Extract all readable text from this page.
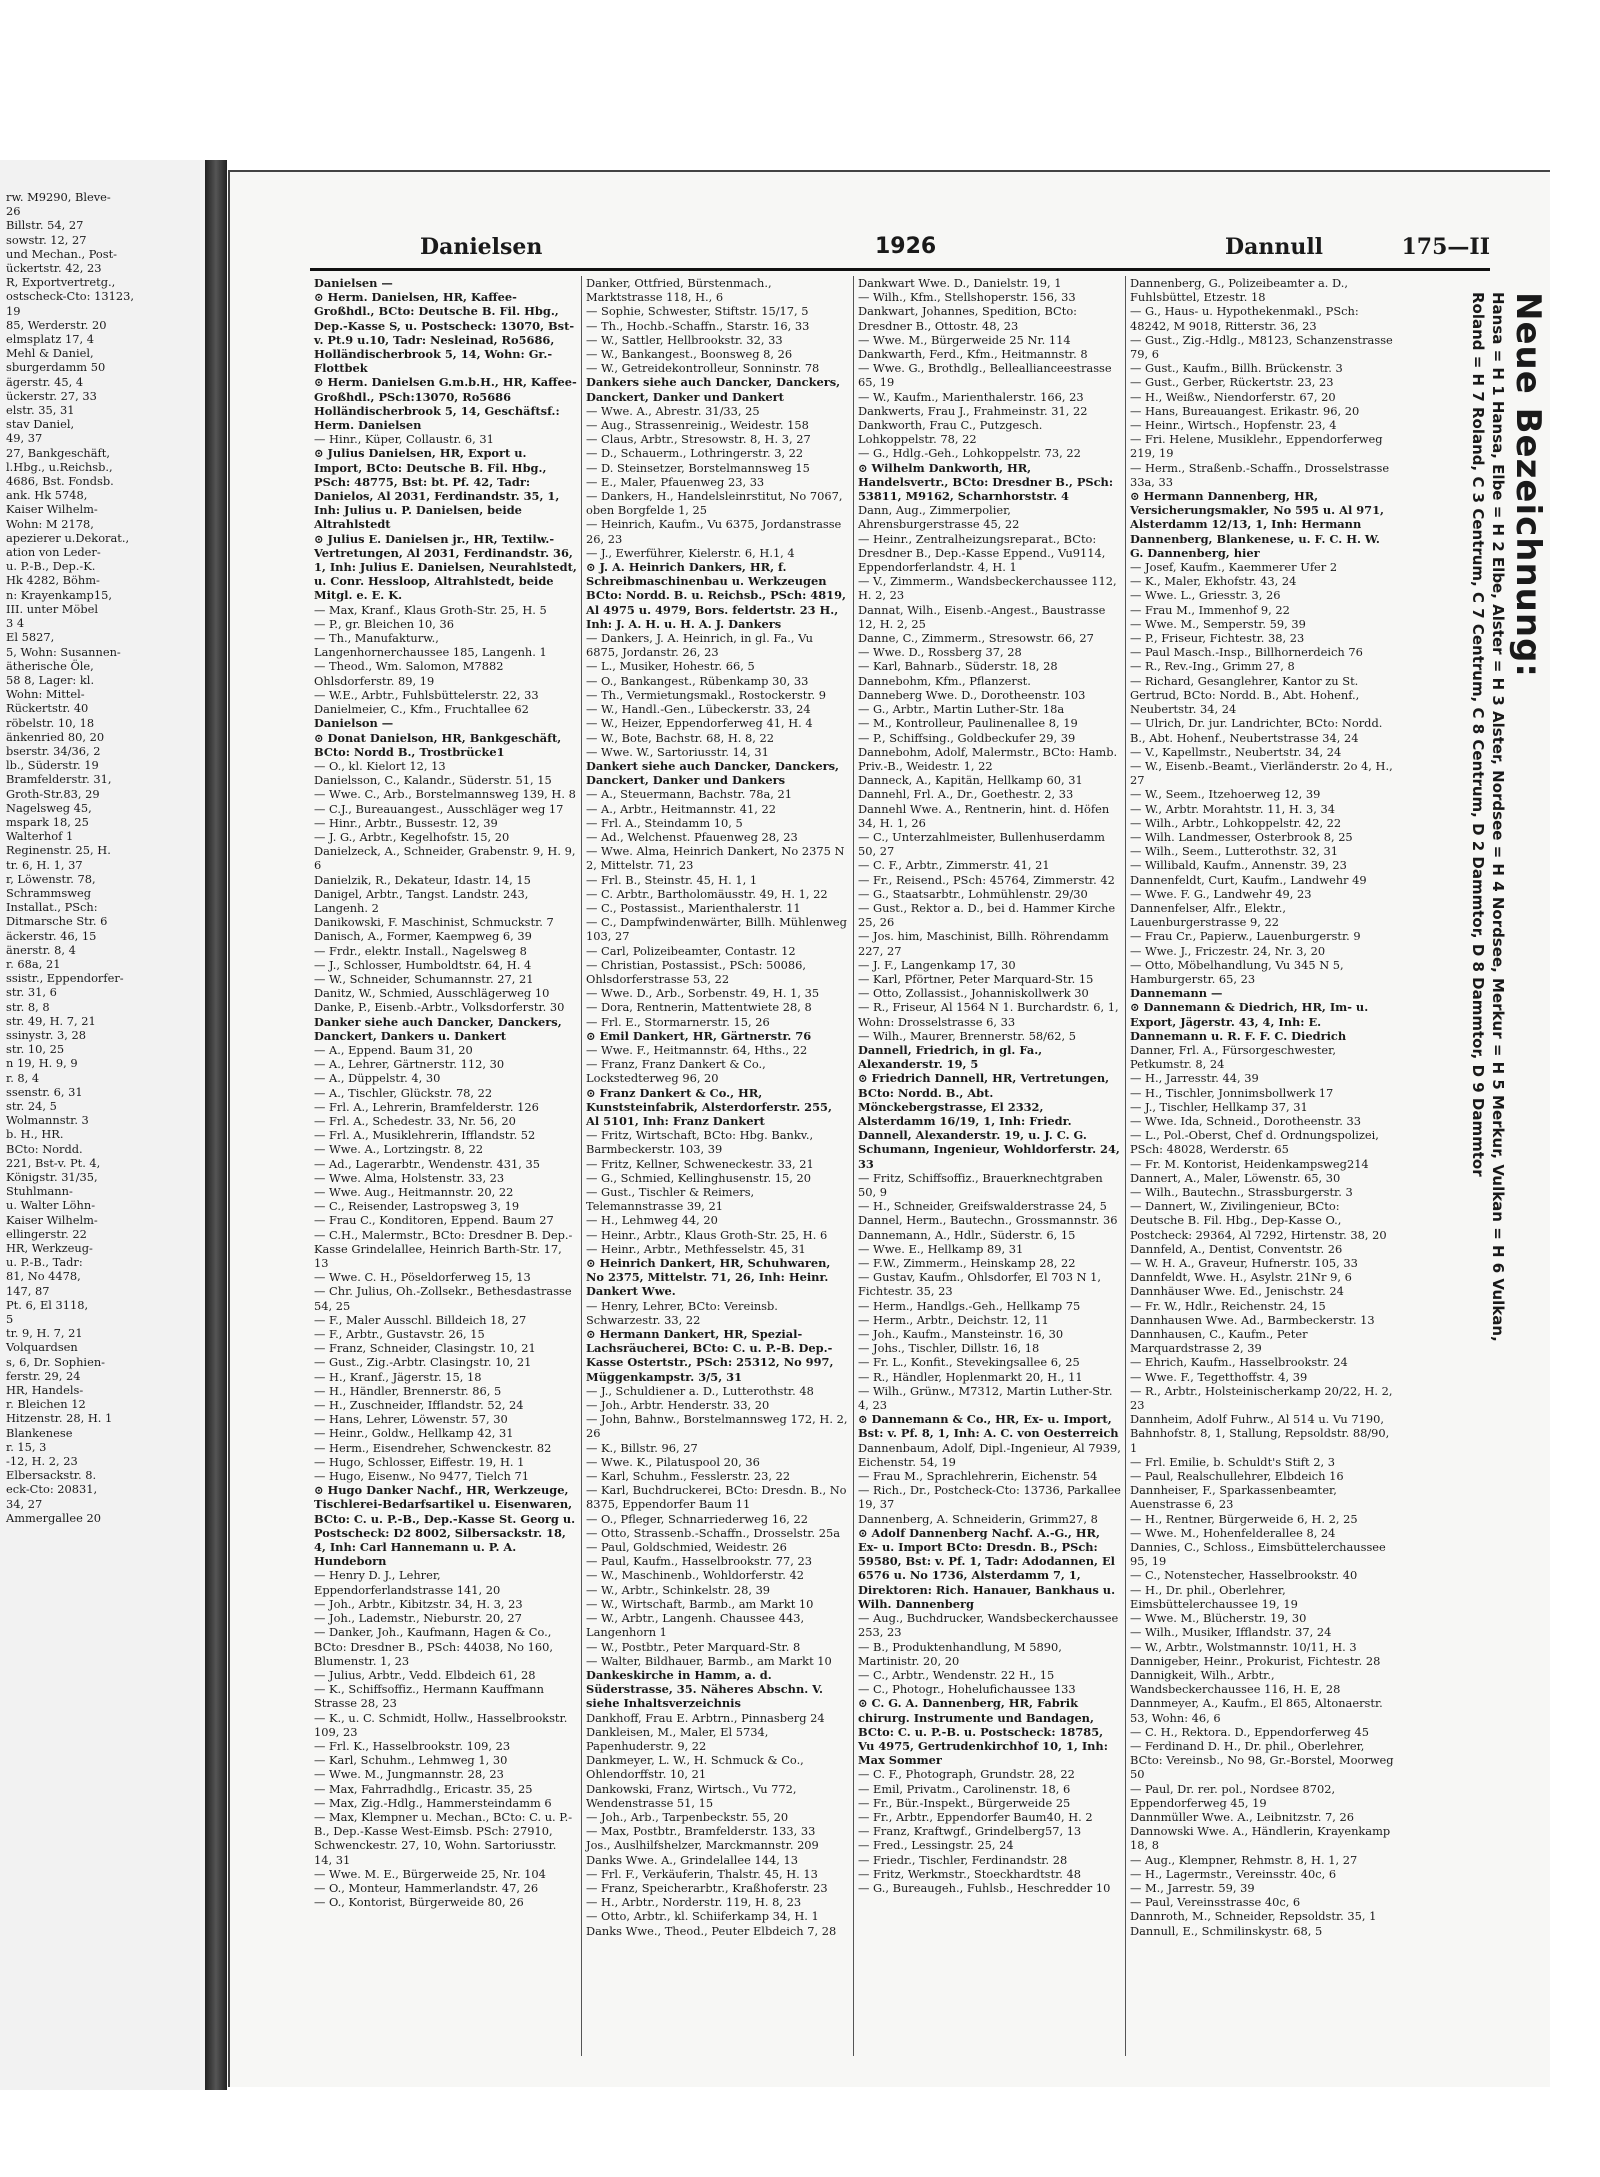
rw. M9290, Bleve-
26
Billstr. 54, 27
sowstr. 12, 27
und Mechan., Post-
ückertstr. 42, 23
R, Exportvertretg.,
ostscheck-Cto: 13123,
19
85, Werderstr. 20
elmsplatz 17, 4
Mehl & Daniel,
sburgerdamm 50
ägerstr. 45, 4
ückerstr. 27, 33
elstr. 35, 31
stav Daniel,
49, 37
27, Bankgeschäft,
l.Hbg., u.Reichsb.,
4686, Bst. Fondsb.
ank. Hk 5748,
Kaiser Wilhelm-
Wohn: M 2178,
apezierer u.Dekorat.,
ation von Leder-
u. P.-B., Dep.-K.
Hk 4282, Böhm-
n: Krayenkamp15,
III. unter Möbel
3 4
El 5827,
5, Wohn: Susannen-
ätherische Öle,
58 8, Lager: kl.
Wohn: Mittel-
Rückertstr. 40
röbelstr. 10, 18
änkenried 80, 20
bserstr. 34/36, 2
lb., Süderstr. 19
Bramfelderstr. 31,
Groth-Str.83, 29
Nagelsweg 45,
mspark 18, 25
Walterhof 1
Reginenstr. 25, H.
tr. 6, H. 1, 37
r, Löwenstr. 78,
Schrammsweg
Installat., PSch:
Ditmarsche Str. 6
äckerstr. 46, 15
änerstr. 8, 4
r. 68a, 21
ssistr., Eppendorfer-
str. 31, 6
str. 8, 8
str. 49, H. 7, 21
ssinystr. 3, 28
str. 10, 25
n 19, H. 9, 9
r. 8, 4
ssenstr. 6, 31
str. 24, 5
Wolmannstr. 3
b. H., HR.
BCto: Nordd.
221, Bst-v. Pt. 4,
Königstr. 31/35,
Stuhlmann-
u. Walter Löhn-
Kaiser Wilhelm-
ellingerstr. 22
HR, Werkzeug-
u. P.-B., Tadr:
81, No 4478,
147, 87
Pt. 6, El 3118,
5
tr. 9, H. 7, 21
Volquardsen
s, 6, Dr. Sophien-
ferstr. 29, 24
HR, Handels-
r. Bleichen 12
Hitzenstr. 28, H. 1
Blankenese
r. 15, 3
-12, H. 2, 23
Elbersackstr. 8.
eck-Cto: 20831,
34, 27
Ammergallee 20
Danielsen	1926	Dannull	175—II
Danielsen —
⊙ Herm. Danielsen, HR, Kaffee-Großhdl., BCto: Deutsche B. Fil. Hbg., Dep.-Kasse S, u. Postscheck: 13070, Bst-v. Pt.9 u.10, Tadr: Nesleinad, Ro5686, Holländischerbrook 5, 14, Wohn: Gr.-Flottbek
⊙ Herm. Danielsen G.m.b.H., HR, Kaffee-Großhdl., PSch:13070, Ro5686 Holländischerbrook 5, 14, Geschäftsf.: Herm. Danielsen
— Hinr., Küper, Collaustr. 6, 31
⊙ Julius Danielsen, HR, Export u. Import, BCto: Deutsche B. Fil. Hbg., PSch: 48775, Bst: bt. Pf. 42, Tadr: Danielos, Al 2031, Ferdinandstr. 35, 1, Inh: Julius u. P. Danielsen, beide Altrahlstedt
⊙ Julius E. Danielsen jr., HR, Textilw.-Vertretungen, Al 2031, Ferdinandstr. 36, 1, Inh: Julius E. Danielsen, Neurahlstedt, u. Conr. Hessloop, Altrahlstedt, beide Mitgl. e. E. K.
— Max, Kranf., Klaus Groth-Str. 25, H. 5
— P., gr. Bleichen 10, 36
— Th., Manufakturw., Langenhornerchaussee 185, Langenh. 1
— Theod., Wm. Salomon, M7882 Ohlsdorferstr. 89, 19
— W.E., Arbtr., Fuhlsbüttelerstr. 22, 33
Danielmeier, C., Kfm., Fruchtallee 62
Danielson —
⊙ Donat Danielson, HR, Bankgeschäft, BCto: Nordd B., Trostbrücke1
— O., kl. Kielort 12, 13
Danielsson, C., Kalandr., Süderstr. 51, 15
— Wwe. C., Arb., Borstelmannsweg 139, H. 8
— C.J., Bureauangest., Ausschläger weg 17
— Hinr., Arbtr., Bussestr. 12, 39
— J. G., Arbtr., Kegelhofstr. 15, 20
Danielzeck, A., Schneider, Grabenstr. 9, H. 9, 6
Danielzik, R., Dekateur, Idastr. 14, 15
Danigel, Arbtr., Tangst. Landstr. 243, Langenh. 2
Danikowski, F. Maschinist, Schmuckstr. 7
Danisch, A., Former, Kaempweg 6, 39
— Frdr., elektr. Install., Nagelsweg 8
— J., Schlosser, Humboldtstr. 64, H. 4
— W., Schneider, Schumannstr. 27, 21
Danitz, W., Schmied, Ausschlägerweg 10
Danke, P., Eisenb.-Arbtr., Volksdorferstr. 30
Danker siehe auch Dancker, Danckers, Danckert, Dankers u. Dankert
— A., Eppend. Baum 31, 20
— A., Lehrer, Gärtnerstr. 112, 30
— A., Düppelstr. 4, 30
— A., Tischler, Glückstr. 78, 22
— Frl. A., Lehrerin, Bramfelderstr. 126
— Frl. A., Schedestr. 33, Nr. 56, 20
— Frl. A., Musiklehrerin, Ifflandstr. 52
— Wwe. A., Lortzingstr. 8, 22
— Ad., Lagerarbtr., Wendenstr. 431, 35
— Wwe. Alma, Holstenstr. 33, 23
— Wwe. Aug., Heitmannstr. 20, 22
— C., Reisender, Lastropsweg 3, 19
— Frau C., Konditoren, Eppend. Baum 27
— C.H., Malermstr., BCto: Dresdner B. Dep.-Kasse Grindelallee, Heinrich Barth-Str. 17, 13
— Wwe. C. H., Pöseldorferweg 15, 13
— Chr. Julius, Oh.-Zollsekr., Bethesdastrasse 54, 25
— F., Maler Ausschl. Billdeich 18, 27
— F., Arbtr., Gustavstr. 26, 15
— Franz, Schneider, Clasingstr. 10, 21
— Gust., Zig.-Arbtr. Clasingstr. 10, 21
— H., Kranf., Jägerstr. 15, 18
— H., Händler, Brennerstr. 86, 5
— H., Zuschneider, Ifflandstr. 52, 24
— Hans, Lehrer, Löwenstr. 57, 30
— Heinr., Goldw., Hellkamp 42, 31
— Herm., Eisendreher, Schwenckestr. 82
— Hugo, Schlosser, Eiffestr. 19, H. 1
— Hugo, Eisenw., No 9477, Tielch 71
⊙ Hugo Danker Nachf., HR, Werkzeuge, Tischlerei-Bedarfsartikel u. Eisenwaren, BCto: C. u. P.-B., Dep.-Kasse St. Georg u. Postscheck: D2 8002, Silbersackstr. 18, 4, Inh: Carl Hannemann u. P. A. Hundeborn
— Henry D. J., Lehrer, Eppendorferlandstrasse 141, 20
— Joh., Arbtr., Kibitzstr. 34, H. 3, 23
— Joh., Lademstr., Nieburstr. 20, 27
— Danker, Joh., Kaufmann, Hagen & Co., BCto: Dresdner B., PSch: 44038, No 160, Blumenstr. 1, 23
— Julius, Arbtr., Vedd. Elbdeich 61, 28
— K., Schiffsoffiz., Hermann Kauffmann Strasse 28, 23
— K., u. C. Schmidt, Hollw., Hasselbrookstr. 109, 23
— Frl. K., Hasselbrookstr. 109, 23
— Karl, Schuhm., Lehmweg 1, 30
— Wwe. M., Jungmannstr. 28, 23
— Max, Fahrradhdlg., Ericastr. 35, 25
— Max, Zig.-Hdlg., Hammersteindamm 6
— Max, Klempner u. Mechan., BCto: C. u. P.-B., Dep.-Kasse West-Eimsb. PSch: 27910, Schwenckestr. 27, 10, Wohn. Sartoriusstr. 14, 31
— Wwe. M. E., Bürgerweide 25, Nr. 104
— O., Monteur, Hammerlandstr. 47, 26
— O., Kontorist, Bürgerweide 80, 26
Danker, Ottfried, Bürstenmach., Marktstrasse 118, H., 6
— Sophie, Schwester, Stiftstr. 15/17, 5
— Th., Hochb.-Schaffn., Starstr. 16, 33
— W., Sattler, Hellbrookstr. 32, 33
— W., Bankangest., Boonsweg 8, 26
— W., Getreidekontrolleur, Sonninstr. 78
Dankers siehe auch Dancker, Danckers, Danckert, Danker und Dankert
— Wwe. A., Abrestr. 31/33, 25
— Aug., Strassenreinig., Weidestr. 158
— Claus, Arbtr., Stresowstr. 8, H. 3, 27
— D., Schauerm., Lothringerstr. 3, 22
— D. Steinsetzer, Borstelmannsweg 15
— E., Maler, Pfauenweg 23, 33
— Dankers, H., Handelsleinrstitut, No 7067, oben Borgfelde 1, 25
— Heinrich, Kaufm., Vu 6375, Jordanstrasse 26, 23
— J., Ewerführer, Kielerstr. 6, H.1, 4
⊙ J. A. Heinrich Dankers, HR, f. Schreibmaschinenbau u. Werkzeugen BCto: Nordd. B. u. Reichsb., PSch: 4819, Al 4975 u. 4979, Bors. feldertstr. 23 H., Inh: J. A. H. u. H. A. J. Dankers
— Dankers, J. A. Heinrich, in gl. Fa., Vu 6875, Jordanstr. 26, 23
— L., Musiker, Hohestr. 66, 5
— O., Bankangest., Rübenkamp 30, 33
— Th., Vermietungsmakl., Rostockerstr. 9
— W., Handl.-Gen., Lübeckerstr. 33, 24
— W., Heizer, Eppendorferweg 41, H. 4
— W., Bote, Bachstr. 68, H. 8, 22
— Wwe. W., Sartoriusstr. 14, 31
Dankert siehe auch Dancker, Danckers, Danckert, Danker und Dankers
— A., Steuermann, Bachstr. 78a, 21
— A., Arbtr., Heitmannstr. 41, 22
— Frl. A., Steindamm 10, 5
— Ad., Welchenst. Pfauenweg 28, 23
— Wwe. Alma, Heinrich Dankert, No 2375 N 2, Mittelstr. 71, 23
— Frl. B., Steinstr. 45, H. 1, 1
— C. Arbtr., Bartholomäusstr. 49, H. 1, 22
— C., Postassist., Marienthalerstr. 11
— C., Dampfwindenwärter, Billh. Mühlenweg 103, 27
— Carl, Polizeibeamter, Contastr. 12
— Christian, Postassist., PSch: 50086, Ohlsdorferstrasse 53, 22
— Wwe. D., Arb., Sorbenstr. 49, H. 1, 35
— Dora, Rentnerin, Mattentwiete 28, 8
— Frl. E., Stormarnerstr. 15, 26
⊙ Emil Dankert, HR, Gärtnerstr. 76
— Wwe. F., Heitmannstr. 64, Hths., 22
— Franz, Franz Dankert & Co., Lockstedterweg 96, 20
⊙ Franz Dankert & Co., HR, Kunststeinfabrik, Alsterdorferstr. 255, Al 5101, Inh: Franz Dankert
— Fritz, Wirtschaft, BCto: Hbg. Bankv., Barmbeckerstr. 103, 39
— Fritz, Kellner, Schweneckestr. 33, 21
— G., Schmied, Kellinghusenstr. 15, 20
— Gust., Tischler & Reimers, Telemannstrasse 39, 21
— H., Lehmweg 44, 20
— Heinr., Arbtr., Klaus Groth-Str. 25, H. 6
— Heinr., Arbtr., Methfesselstr. 45, 31
⊙ Heinrich Dankert, HR, Schuhwaren, No 2375, Mittelstr. 71, 26, Inh: Heinr. Dankert Wwe.
— Henry, Lehrer, BCto: Vereinsb. Schwarzestr. 33, 22
⊙ Hermann Dankert, HR, Spezial-Lachsräucherei, BCto: C. u. P.-B. Dep.-Kasse Ostertstr., PSch: 25312, No 997, Müggenkampstr. 3/5, 31
— J., Schuldiener a. D., Lutterothstr. 48
— Joh., Arbtr. Henderstr. 33, 20
— John, Bahnw., Borstelmannsweg 172, H. 2, 26
— K., Billstr. 96, 27
— Wwe. K., Pilatuspool 20, 36
— Karl, Schuhm., Fesslerstr. 23, 22
— Karl, Buchdruckerei, BCto: Dresdn. B., No 8375, Eppendorfer Baum 11
— O., Pfleger, Schnarriederweg 16, 22
— Otto, Strassenb.-Schaffn., Drosselstr. 25a
— Paul, Goldschmied, Weidestr. 26
— Paul, Kaufm., Hasselbrookstr. 77, 23
— W., Maschinenb., Wohldorferstr. 42
— W., Arbtr., Schinkelstr. 28, 39
— W., Wirtschaft, Barmb., am Markt 10
— W., Arbtr., Langenh. Chaussee 443, Langenhorn 1
— W., Postbtr., Peter Marquard-Str. 8
— Walter, Bildhauer, Barmb., am Markt 10
Dankeskirche in Hamm, a. d. Süderstrasse, 35. Näheres Abschn. V. siehe Inhaltsverzeichnis
Dankhoff, Frau E. Arbtrn., Pinnasberg 24
Dankleisen, M., Maler, El 5734, Papenhuderstr. 9, 22
Dankmeyer, L. W., H. Schmuck & Co., Ohlendorffstr. 10, 21
Dankowski, Franz, Wirtsch., Vu 772, Wendenstrasse 51, 15
— Joh., Arb., Tarpenbeckstr. 55, 20
— Max, Postbtr., Bramfelderstr. 133, 33
Jos., Auslhilfshelzer, Marckmannstr. 209
Danks Wwe. A., Grindelallee 144, 13
— Frl. F., Verkäuferin, Thalstr. 45, H. 13
— Franz, Speicherarbtr., Kraßhoferstr. 23
— H., Arbtr., Norderstr. 119, H. 8, 23
— Otto, Arbtr., kl. Schiiferkamp 34, H. 1
Danks Wwe., Theod., Peuter Elbdeich 7, 28
Dankwart Wwe. D., Danielstr. 19, 1
— Wilh., Kfm., Stellshoperstr. 156, 33
Dankwart, Johannes, Spedition, BCto: Dresdner B., Ottostr. 48, 23
— Wwe. M., Bürgerweide 25 Nr. 114
Dankwarth, Ferd., Kfm., Heitmannstr. 8
— Wwe. G., Brothdlg., Belleallianceestrasse 65, 19
— W., Kaufm., Marienthalerstr. 166, 23
Dankwerts, Frau J., Frahmeinstr. 31, 22
Dankworth, Frau C., Putzgesch. Lohkoppelstr. 78, 22
— G., Hdlg.-Geh., Lohkoppelstr. 73, 22
⊙ Wilhelm Dankworth, HR, Handelsvertr., BCto: Dresdner B., PSch: 53811, M9162, Scharnhorststr. 4
Dann, Aug., Zimmerpolier, Ahrensburgerstrasse 45, 22
— Heinr., Zentralheizungsreparat., BCto: Dresdner B., Dep.-Kasse Eppend., Vu9114, Eppendorferlandstr. 4, H. 1
— V., Zimmerm., Wandsbeckerchaussee 112, H. 2, 23
Dannat, Wilh., Eisenb.-Angest., Baustrasse 12, H. 2, 25
Danne, C., Zimmerm., Stresowstr. 66, 27
— Wwe. D., Rossberg 37, 28
— Karl, Bahnarb., Süderstr. 18, 28
Dannebohm, Kfm., Pflanzerst.
Danneberg Wwe. D., Dorotheenstr. 103
— G., Arbtr., Martin Luther-Str. 18a
— M., Kontrolleur, Paulinenallee 8, 19
— P., Schiffsing., Goldbeckufer 29, 39
Dannebohm, Adolf, Malermstr., BCto: Hamb. Priv.-B., Weidestr. 1, 22
Danneck, A., Kapitän, Hellkamp 60, 31
Dannehl, Frl. A., Dr., Goethestr. 2, 33
Dannehl Wwe. A., Rentnerin, hint. d. Höfen 34, H. 1, 26
— C., Unterzahlmeister, Bullenhuserdamm 50, 27
— C. F., Arbtr., Zimmerstr. 41, 21
— Fr., Reisend., PSch: 45764, Zimmerstr. 42
— G., Staatsarbtr., Lohmühlenstr. 29/30
— Gust., Rektor a. D., bei d. Hammer Kirche 25, 26
— Jos. him, Maschinist, Billh. Röhrendamm 227, 27
— J. F., Langenkamp 17, 30
— Karl, Pförtner, Peter Marquard-Str. 15
— Otto, Zollassist., Johanniskollwerk 30
— R., Friseur, Al 1564 N 1. Burchardstr. 6, 1, Wohn: Drosselstrasse 6, 33
— Wilh., Maurer, Brennerstr. 58/62, 5
Dannell, Friedrich, in gl. Fa., Alexanderstr. 19, 5
⊙ Friedrich Dannell, HR, Vertretungen, BCto: Nordd. B., Abt. Mönckebergstrasse, El 2332, Alsterdamm 16/19, 1, Inh: Friedr. Dannell, Alexanderstr. 19, u. J. C. G. Schumann, Ingenieur, Wohldorferstr. 24, 33
— Fritz, Schiffsoffiz., Brauerknechtgraben 50, 9
— H., Schneider, Greifswalderstrasse 24, 5
Dannel, Herm., Bautechn., Grossmannstr. 36
Dannemann, A., Hdlr., Süderstr. 6, 15
— Wwe. E., Hellkamp 89, 31
— F.W., Zimmerm., Heinskamp 28, 22
— Gustav, Kaufm., Ohlsdorfer, El 703 N 1, Fichtestr. 35, 23
— Herm., Handlgs.-Geh., Hellkamp 75
— Herm., Arbtr., Deichstr. 12, 11
— Joh., Kaufm., Mansteinstr. 16, 30
— Johs., Tischler, Dillstr. 16, 18
— Fr. L., Konfit., Stevekingsallee 6, 25
— R., Händler, Hoplenmarkt 20, H., 11
— Wilh., Grünw., M7312, Martin Luther-Str. 4, 23
⊙ Dannemann & Co., HR, Ex- u. Import, Bst: v. Pf. 8, 1, Inh: A. C. von Oesterreich
Dannenbaum, Adolf, Dipl.-Ingenieur, Al 7939, Eichenstr. 54, 19
— Frau M., Sprachlehrerin, Eichenstr. 54
— Rich., Dr., Postcheck-Cto: 13736, Parkallee 19, 37
Dannenberg, A. Schneiderin, Grimm27, 8
⊙ Adolf Dannenberg Nachf. A.-G., HR, Ex- u. Import BCto: Dresdn. B., PSch: 59580, Bst: v. Pf. 1, Tadr: Adodannen, El 6576 u. No 1736, Alsterdamm 7, 1, Direktoren: Rich. Hanauer, Bankhaus u. Wilh. Dannenberg
— Aug., Buchdrucker, Wandsbeckerchaussee 253, 23
— B., Produktenhandlung, M 5890, Martinistr. 20, 20
— C., Arbtr., Wendenstr. 22 H., 15
— C., Photogr., Hohelufichaussee 133
⊙ C. G. A. Dannenberg, HR, Fabrik chirurg. Instrumente und Bandagen, BCto: C. u. P.-B. u. Postscheck: 18785, Vu 4975, Gertrudenkirchhof 10, 1, Inh: Max Sommer
— C. F., Photograph, Grundstr. 28, 22
— Emil, Privatm., Carolinenstr. 18, 6
— Fr., Bür.-Inspekt., Bürgerweide 25
— Fr., Arbtr., Eppendorfer Baum40, H. 2
— Franz, Kraftwgf., Grindelberg57, 13
— Fred., Lessingstr. 25, 24
— Friedr., Tischler, Ferdinandstr. 28
— Fritz, Werkmstr., Stoeckhardtstr. 48
— G., Bureaugeh., Fuhlsb., Heschredder 10
Dannenberg, G., Polizeibeamter a. D., Fuhlsbüttel, Etzestr. 18
— G., Haus- u. Hypothekenmakl., PSch: 48242, M 9018, Ritterstr. 36, 23
— Gust., Zig.-Hdlg., M8123, Schanzenstrasse 79, 6
— Gust., Kaufm., Billh. Brückenstr. 3
— Gust., Gerber, Rückertstr. 23, 23
— H., Weißw., Niendorferstr. 67, 20
— Hans, Bureauangest. Erikastr. 96, 20
— Heinr., Wirtsch., Hopfenstr. 23, 4
— Fri. Helene, Musiklehr., Eppendorferweg 219, 19
— Herm., Straßenb.-Schaffn., Drosselstrasse 33a, 33
⊙ Hermann Dannenberg, HR, Versicherungsmakler, No 595 u. Al 971, Alsterdamm 12/13, 1, Inh: Hermann Dannenberg, Blankenese, u. F. C. H. W. G. Dannenberg, hier
— Josef, Kaufm., Kaemmerer Ufer 2
— K., Maler, Ekhofstr. 43, 24
— Wwe. L., Griesstr. 3, 26
— Frau M., Immenhof 9, 22
— Wwe. M., Semperstr. 59, 39
— P., Friseur, Fichtestr. 38, 23
— Paul Masch.-Insp., Billhornerdeich 76
— R., Rev.-Ing., Grimm 27, 8
— Richard, Gesanglehrer, Kantor zu St. Gertrud, BCto: Nordd. B., Abt. Hohenf., Neubertstr. 34, 24
— Ulrich, Dr. jur. Landrichter, BCto: Nordd. B., Abt. Hohenf., Neubertstrasse 34, 24
— V., Kapellmstr., Neubertstr. 34, 24
— W., Eisenb.-Beamt., Vierländerstr. 2o 4, H., 27
— W., Seem., Itzehoerweg 12, 39
— W., Arbtr. Morahtstr. 11, H. 3, 34
— Wilh., Arbtr., Lohkoppelstr. 42, 22
— Wilh. Landmesser, Osterbrook 8, 25
— Wilh., Seem., Lutterothstr. 32, 31
— Willibald, Kaufm., Annenstr. 39, 23
Dannenfeldt, Curt, Kaufm., Landwehr 49
— Wwe. F. G., Landwehr 49, 23
Dannenfelser, Alfr., Elektr., Lauenburgerstrasse 9, 22
— Frau Cr., Papierw., Lauenburgerstr. 9
— Wwe. J., Friczestr. 24, Nr. 3, 20
— Otto, Möbelhandlung, Vu 345 N 5, Hamburgerstr. 65, 23
Dannemann —
⊙ Dannemann & Diedrich, HR, Im- u. Export, Jägerstr. 43, 4, Inh: E. Dannemann u. R. F. F. C. Diedrich
Danner, Frl. A., Fürsorgeschwester, Petkumstr. 8, 24
— H., Jarresstr. 44, 39
— H., Tischler, Jonnimsbollwerk 17
— J., Tischler, Hellkamp 37, 31
— Wwe. Ida, Schneid., Dorotheenstr. 33
— L., Pol.-Oberst, Chef d. Ordnungspolizei, PSch: 48028, Werderstr. 65
— Fr. M. Kontorist, Heidenkampsweg214
Dannert, A., Maler, Löwenstr. 65, 30
— Wilh., Bautechn., Strassburgerstr. 3
— Dannert, W., Zivilingenieur, BCto: Deutsche B. Fil. Hbg., Dep-Kasse O., Postcheck: 29364, Al 7292, Hirtenstr. 38, 20
Dannfeld, A., Dentist, Conventstr. 26
— W. H. A., Graveur, Hufnerstr. 105, 33
Dannfeldt, Wwe. H., Asylstr. 21Nr 9, 6
Dannhäuser Wwe. Ed., Jenischstr. 24
— Fr. W., Hdlr., Reichenstr. 24, 15
Dannhausen Wwe. Ad., Barmbeckerstr. 13
Dannhausen, C., Kaufm., Peter Marquardstrasse 2, 39
— Ehrich, Kaufm., Hasselbrookstr. 24
— Wwe. F., Tegetthoffstr. 4, 39
— R., Arbtr., Holsteinischerkamp 20/22, H. 2, 23
Dannheim, Adolf Fuhrw., Al 514 u. Vu 7190, Bahnhofstr. 8, 1, Stallung, Repsoldstr. 88/90, 1
— Frl. Emilie, b. Schuldt's Stift 2, 3
— Paul, Realschullehrer, Elbdeich 16
Dannheiser, F., Sparkassenbeamter, Auenstrasse 6, 23
— H., Rentner, Bürgerweide 6, H. 2, 25
— Wwe. M., Hohenfelderallee 8, 24
Dannies, C., Schloss., Eimsbüttelerchaussee 95, 19
— C., Notenstecher, Hasselbrookstr. 40
— H., Dr. phil., Oberlehrer, Eimsbüttelerchaussee 19, 19
— Wwe. M., Blücherstr. 19, 30
— Wilh., Musiker, Ifflandstr. 37, 24
— W., Arbtr., Wolstmannstr. 10/11, H. 3
Dannigeber, Heinr., Prokurist, Fichtestr. 28
Dannigkeit, Wilh., Arbtr., Wandsbeckerchaussee 116, H. E, 28
Dannmeyer, A., Kaufm., El 865, Altonaerstr. 53, Wohn: 46, 6
— C. H., Rektora. D., Eppendorferweg 45
— Ferdinand D. H., Dr. phil., Oberlehrer, BCto: Vereinsb., No 98, Gr.-Borstel, Moorweg 50
— Paul, Dr. rer. pol., Nordsee 8702, Eppendorferweg 45, 19
Dannmüller Wwe. A., Leibnitzstr. 7, 26
Dannowski Wwe. A., Händlerin, Krayenkamp 18, 8
— Aug., Klempner, Rehmstr. 8, H. 1, 27
— H., Lagermstr., Vereinsstr. 40c, 6
— M., Jarrestr. 59, 39
— Paul, Vereinsstrasse 40c, 6
Dannroth, M., Schneider, Repsoldstr. 35, 1
Dannull, E., Schmilinskystr. 68, 5
Neue Bezeichnung:
Hansa = H 1 Hansa, Elbe = H 2 Elbe, Alster = H 3 Alster, Nordsee = H 4 Nordsee, Merkur = H 5 Merkur, Vulkan = H 6 Vulkan,
Roland = H 7 Roland, C 3 Centrum, C 7 Centrum, C 8 Centrum, D 2 Dammtor, D 8 Dammtor, D 9 Dammtor
